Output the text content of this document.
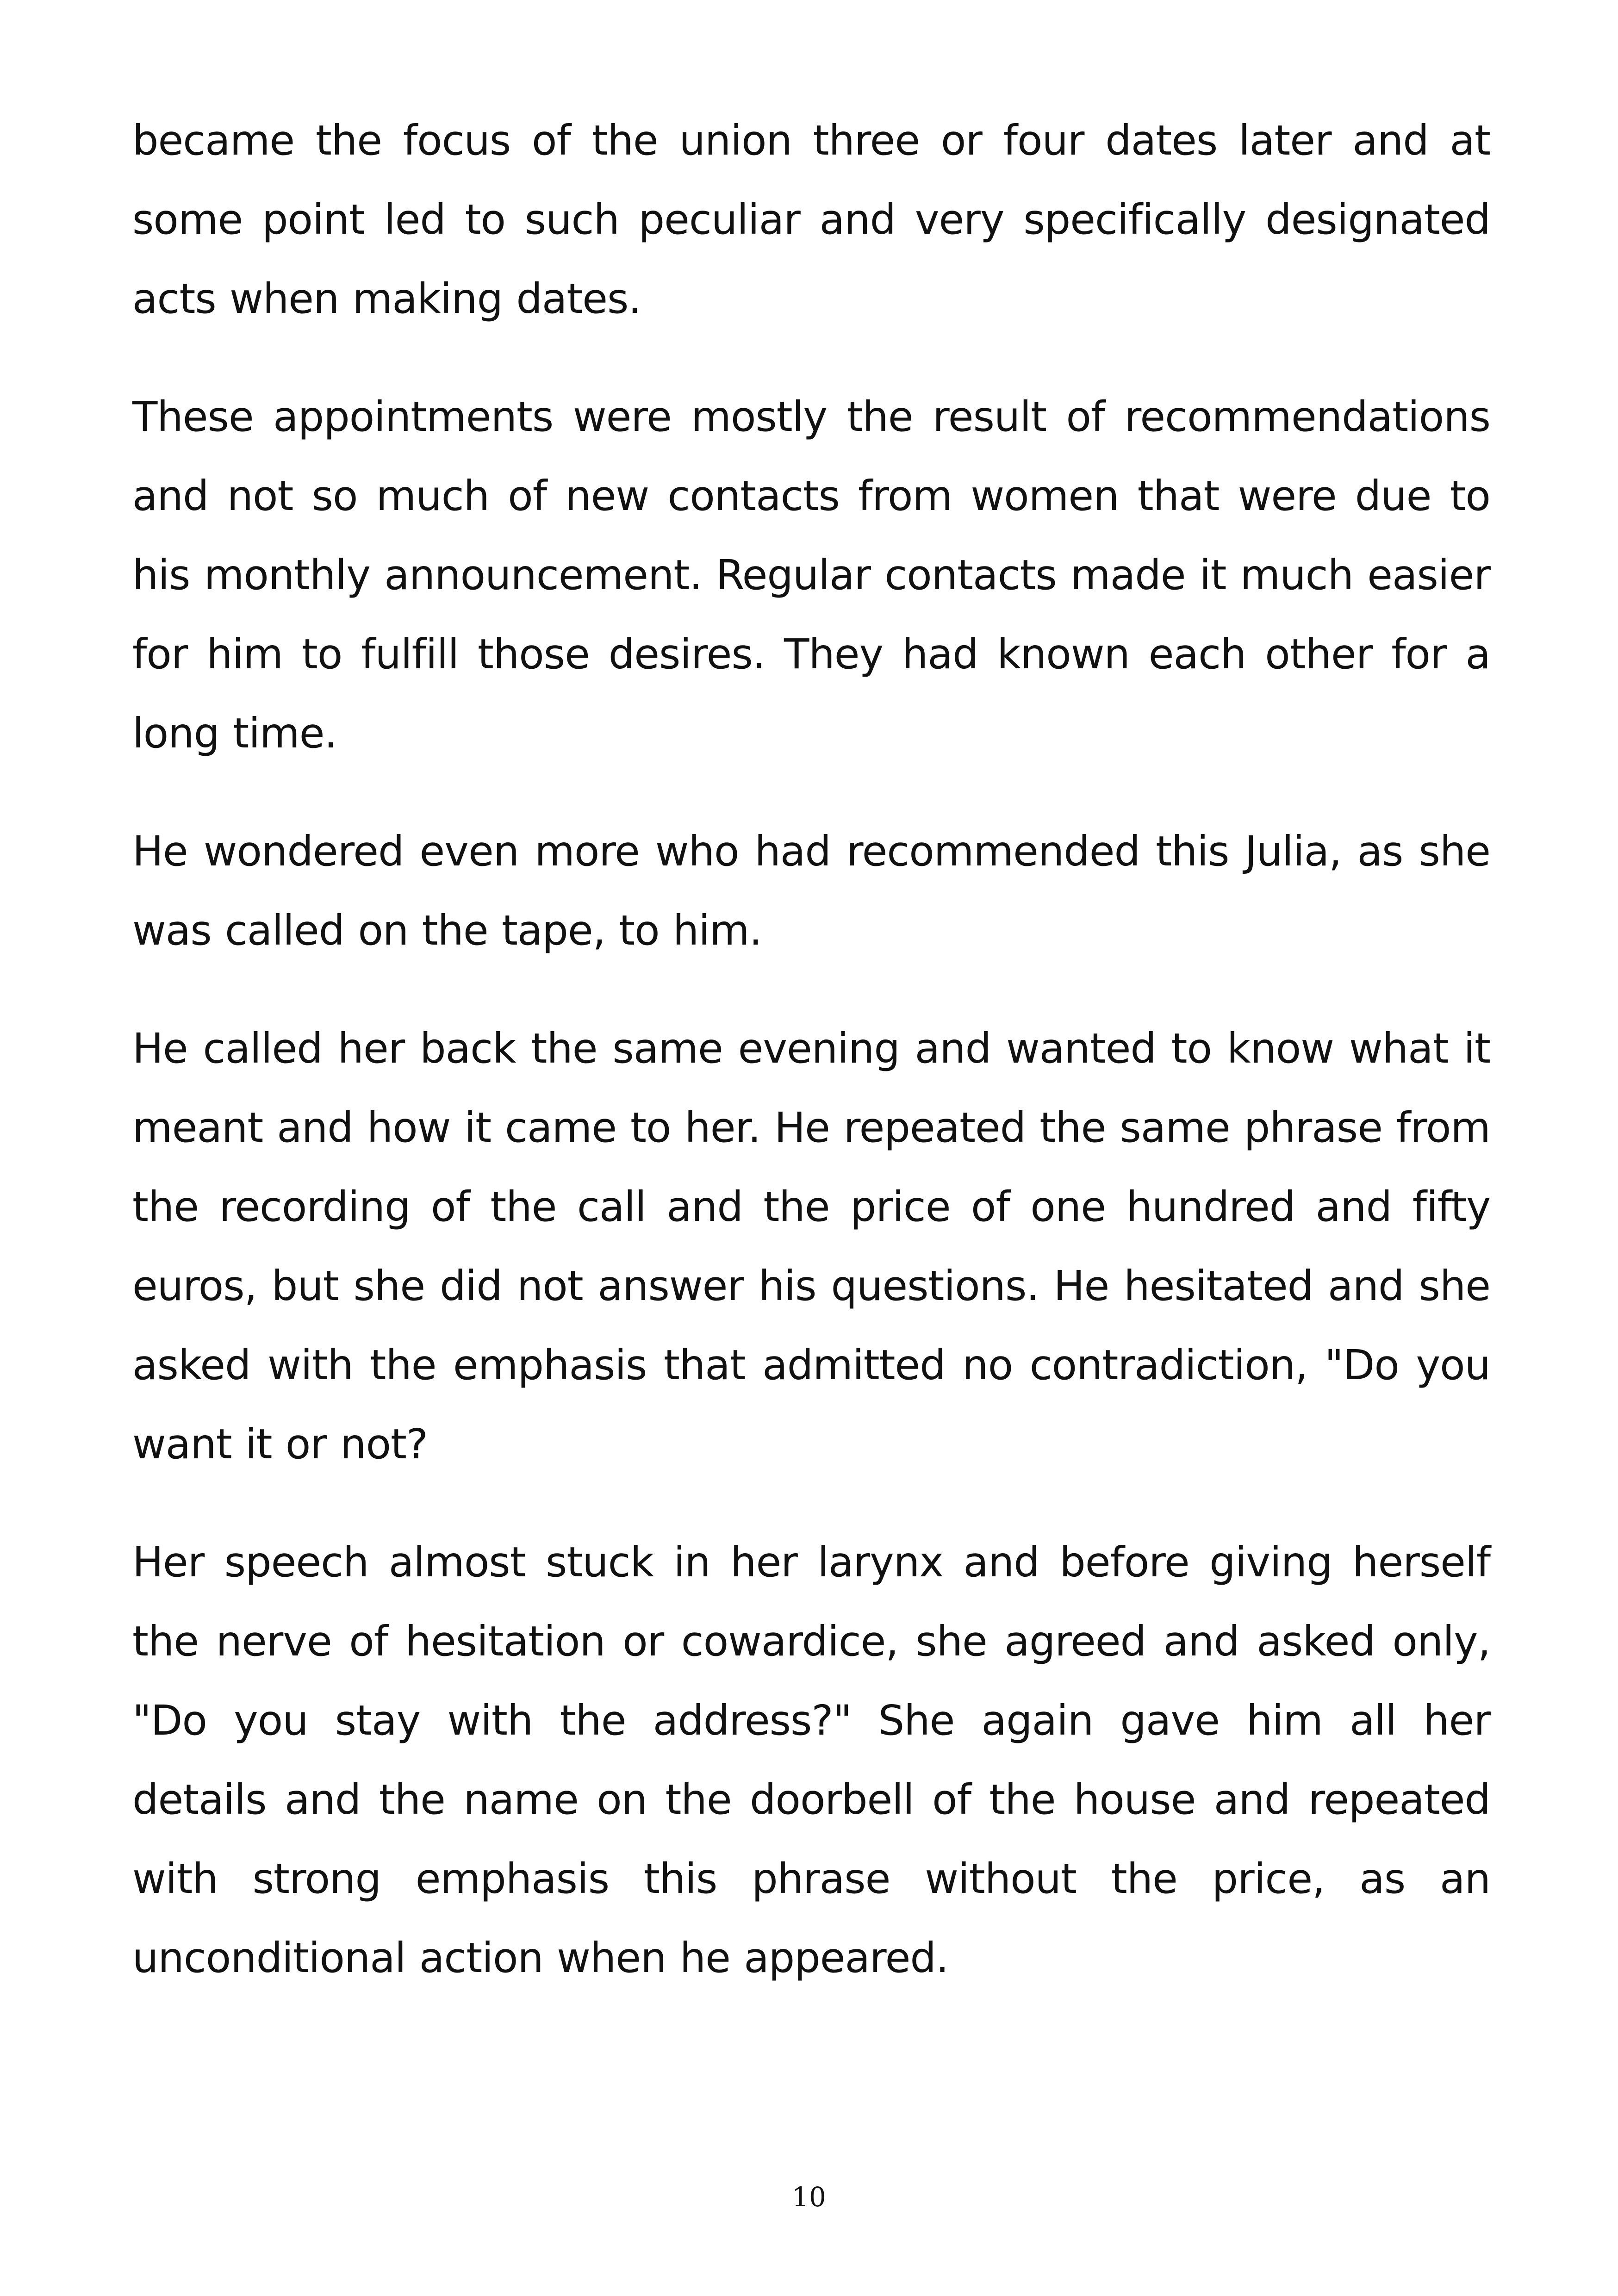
became the focus of the union three or four dates later and at some point led to such peculiar and very specifically designated acts when making dates.

These appointments were mostly the result of recommendations and not so much of new contacts from women that were due to his monthly announcement. Regular contacts made it much easier for him to fulfill those desires. They had known each other for a long time.

He wondered even more who had recommended this Julia, as she was called on the tape, to him.

He called her back the same evening and wanted to know what it meant and how it came to her. He repeated the same phrase from the recording of the call and the price of one hundred and fifty euros, but she did not answer his questions. He hesitated and she asked with the emphasis that admitted no contradiction, "Do you want it or not?

Her speech almost stuck in her larynx and before giving herself the nerve of hesitation or cowardice, she agreed and asked only, "Do you stay with the address?" She again gave him all her details and the name on the doorbell of the house and repeated with strong emphasis this phrase without the price, as an unconditional action when he appeared.

10
